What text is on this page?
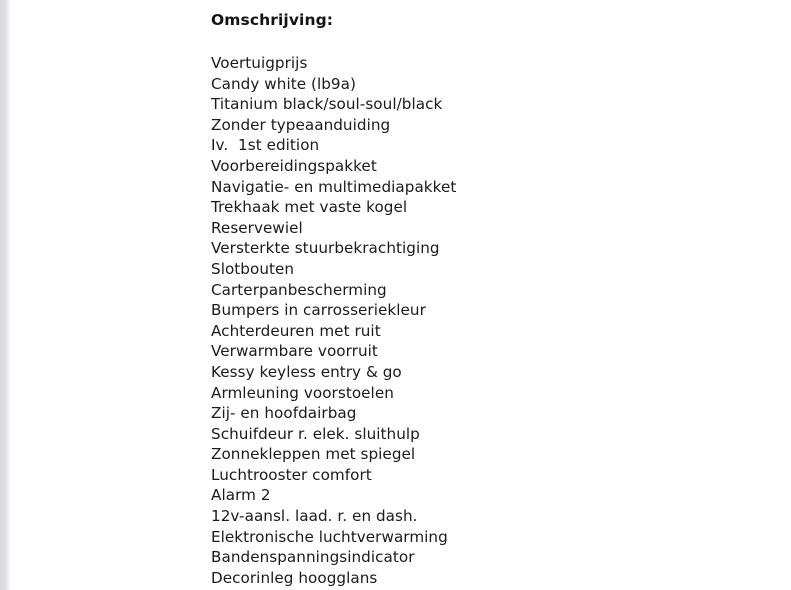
Omschrijving:
Voertuigprijs
Candy white (lb9a)
Titanium black/soul-soul/black
Zonder typeaanduiding
Iv.  1st edition
Voorbereidingspakket
Navigatie- en multimediapakket
Trekhaak met vaste kogel
Reservewiel
Versterkte stuurbekrachtiging
Slotbouten
Carterpanbescherming
Bumpers in carrosseriekleur
Achterdeuren met ruit
Verwarmbare voorruit
Kessy keyless entry & go
Armleuning voorstoelen
Zij- en hoofdairbag
Schuifdeur r. elek. sluithulp
Zonnekleppen met spiegel
Luchtrooster comfort
Alarm 2
12v-aansl. laad. r. en dash.
Elektronische luchtverwarming
Bandenspanningsindicator
Decorinleg hoogglans
